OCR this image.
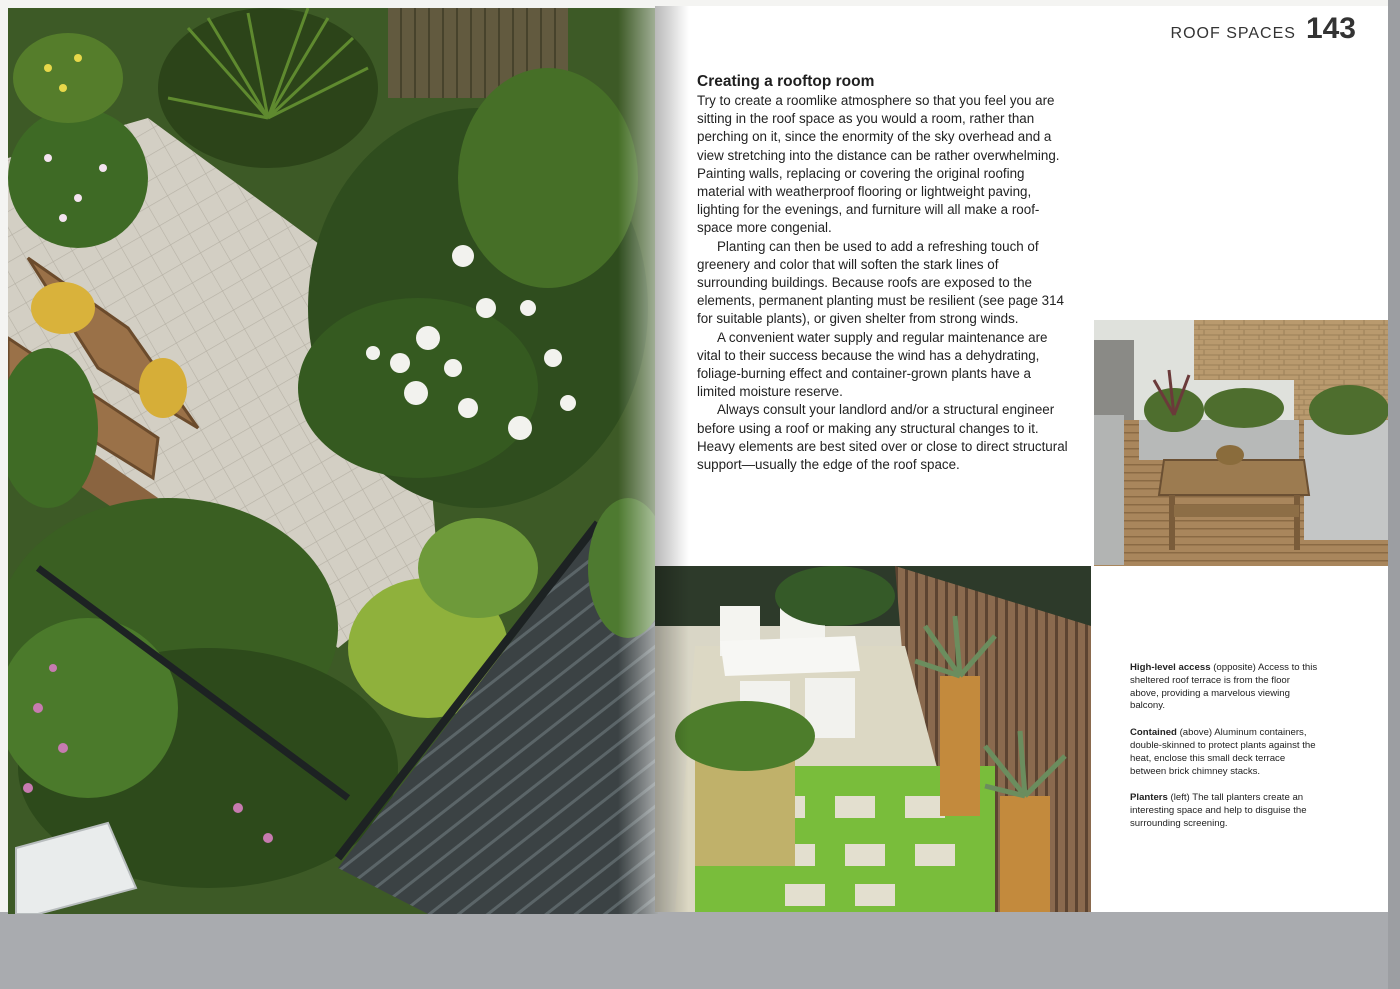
ROOF SPACES 143
Creating a rooftop room

Try to create a roomlike atmosphere so that you feel you are sitting in the roof space as you would a room, rather than perching on it, since the enormity of the sky overhead and a view stretching into the distance can be rather overwhelming. Painting walls, replacing or covering the original roofing material with weatherproof flooring or lightweight paving, lighting for the evenings, and furniture will all make a roof-space more congenial.

Planting can then be used to add a refreshing touch of greenery and color that will soften the stark lines of surrounding buildings. Because roofs are exposed to the elements, permanent planting must be resilient (see page 314 for suitable plants), or given shelter from strong winds.

A convenient water supply and regular maintenance are vital to their success because the wind has a dehydrating, foliage-burning effect and container-grown plants have a limited moisture reserve.

Always consult your landlord and/or a structural engineer before using a roof or making any structural changes to it. Heavy elements are best sited over or close to direct structural support—usually the edge of the roof space.

High-level access (opposite) Access to this sheltered roof terrace is from the floor above, providing a marvelous viewing balcony.

Contained (above) Aluminum containers, double-skinned to protect plants against the heat, enclose this small deck terrace between brick chimney stacks.

Planters (left) The tall planters create an interesting space and help to disguise the surrounding screening.
